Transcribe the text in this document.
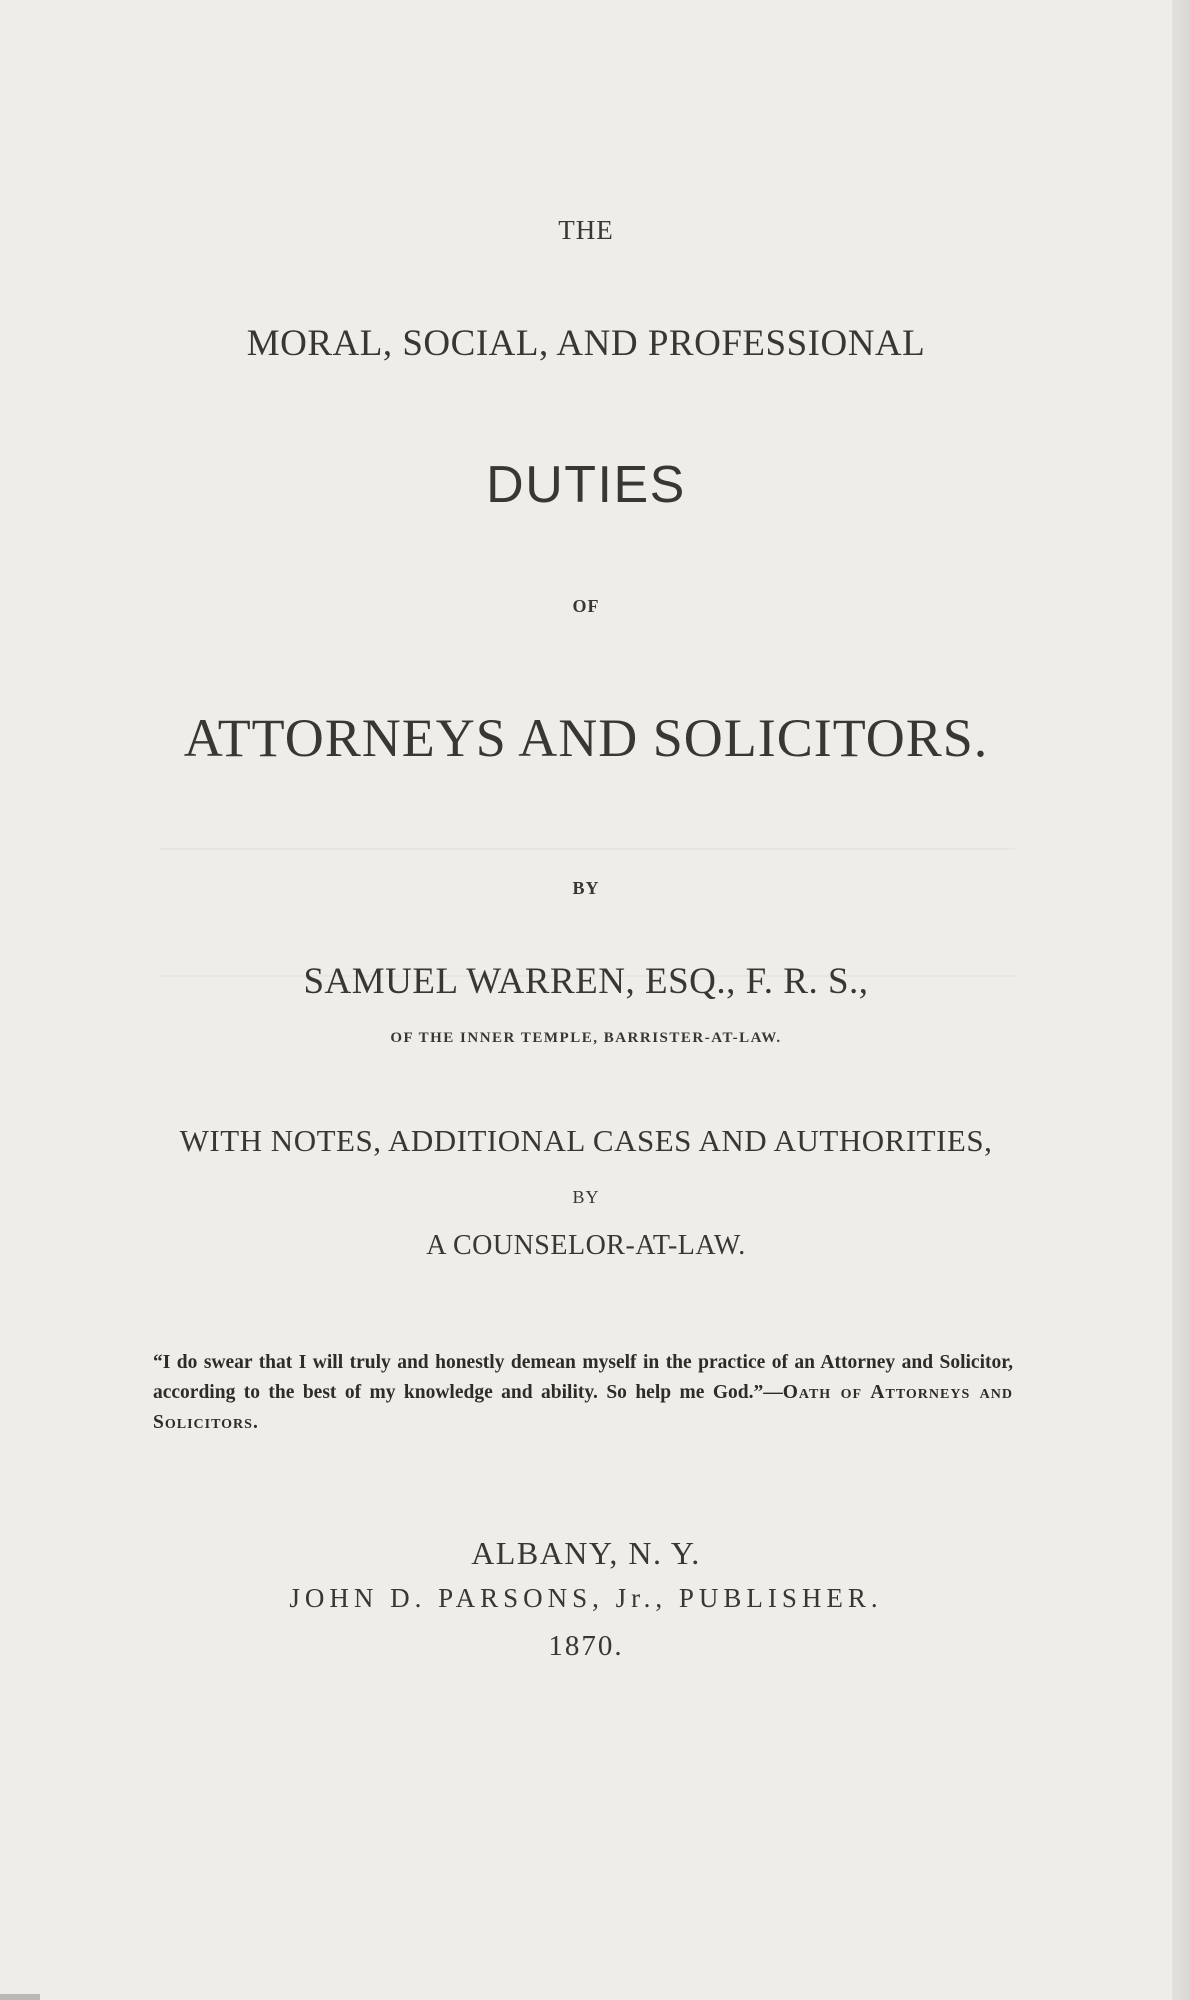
THE
MORAL, SOCIAL, AND PROFESSIONAL
DUTIES
OF
ATTORNEYS AND SOLICITORS.
BY
SAMUEL WARREN, ESQ., F. R. S.,
OF THE INNER TEMPLE, BARRISTER-AT-LAW.
WITH NOTES, ADDITIONAL CASES AND AUTHORITIES,
BY
A COUNSELOR-AT-LAW.
“I do swear that I will truly and honestly demean myself in the practice of an Attorney and Solicitor, according to the best of my knowledge and ability. So help me God.”—Oath of Attorneys and Solicitors.
ALBANY, N. Y.
JOHN D. PARSONS, Jr., PUBLISHER.
1870.
